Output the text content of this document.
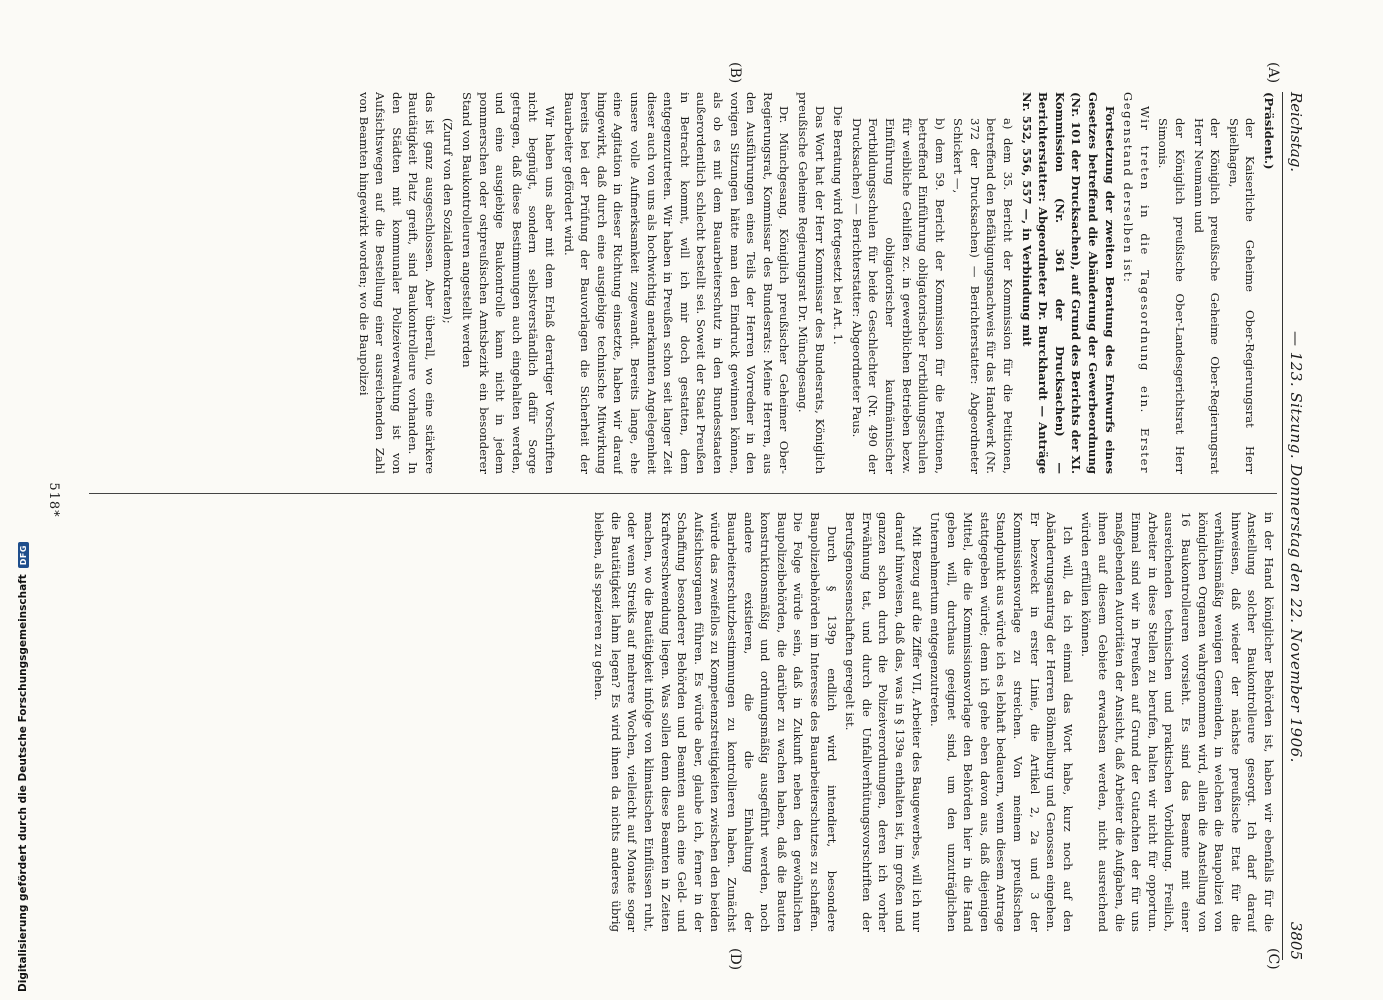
Reichstag.
— 123. Sitzung. Donnerstag den 22. November 1906.
3805
(A)
(B)
(C)
(D)

(Präsident.)

der Kaiserliche Geheime Ober-Regierungsrat Herr Spielhagen,

der Königlich preußische Geheime Ober-Regierungsrat Herr Neumann und

der Königlich preußische Ober-Landesgerichtsrat Herr Simonis.

Wir treten in die Tagesordnung ein. Erster Gegenstand derselben ist:

Fortsetzung der zweiten Beratung des Entwurfs eines Gesetzes betreffend die Abänderung der Gewerbeordnung (Nr. 101 der Drucksachen), auf Grund des Berichts der XI. Kommission (Nr. 361 der Drucksachen) — Berichterstatter: Abgeordneter Dr. Burckhardt — Anträge Nr. 552, 556, 557 —, in Verbindung mit

a) dem 35. Bericht der Kommission für die Petitionen, betreffend den Befähigungsnachweis für das Handwerk (Nr. 372 der Drucksachen) — Berichterstatter: Abgeordneter Schickert —,

b) dem 59. Bericht der Kommission für die Petitionen, betreffend Einführung obligatorischer Fortbildungsschulen für weibliche Gehilfen zc. in gewerblichen Betrieben bezw. Einführung obligatorischer kaufmännischer Fortbildungsschulen für beide Geschlechter (Nr. 490 der Drucksachen) — Berichterstatter: Abgeordneter Paus.

Die Beratung wird fortgesetzt bei Art. 1.

Das Wort hat der Herr Kommissar des Bundesrats, Königlich preußische Geheime Regierungsrat Dr. Münchgesang.

Dr. Münchgesang, Königlich preußischer Geheimer Ober-Regierungsrat, Kommissar des Bundesrats: Meine Herren, aus den Ausführungen eines Teils der Herren Vorredner in den vorigen Sitzungen hätte man den Eindruck gewinnen können, als ob es mit dem Bauarbeiterschutz in den Bundesstaaten außerordentlich schlecht bestellt sei. Soweit der Staat Preußen in Betracht kommt, will ich mir doch gestatten, dem entgegenzutreten. Wir haben in Preußen schon seit langer Zeit dieser auch von uns als hochwichtig anerkannten Angelegenheit unsere volle Aufmerksamkeit zugewandt. Bereits lange, ehe eine Agitation in dieser Richtung einsetzte, haben wir darauf hingewirkt, daß durch eine ausgiebige technische Mitwirkung bereits bei der Prüfung der Bauvorlagen die Sicherheit der Bauarbeiter gefördert wird.

Wir haben uns aber mit dem Erlaß derartiger Vorschriften nicht begnügt, sondern selbstverständlich dafür Sorge getragen, daß diese Bestimmungen auch eingehalten werden, und eine ausgiebige Baukontrolle kann nicht in jedem pommerschen oder ostpreußischen Amtsbezirk ein besonderer Stand von Baukontrolleuren angestellt werden

(Zuruf von den Sozialdemokraten);

das ist ganz ausgeschlossen. Aber überall, wo eine stärkere Bautätigkeit Platz greift, sind Baukontrolleure vorhanden. In den Städten mit kommunaler Polizeiverwaltung ist von Aufsichtswegen auf die Bestellung einer ausreichenden Zahl von Beamten hingewirkt worden; wo die Baupolizei

in der Hand königlicher Behörden ist, haben wir ebenfalls für die Anstellung solcher Baukontrolleure gesorgt. Ich darf darauf hinweisen, daß wieder der nächste preußische Etat für die verhältnismäßig wenigen Gemeinden, in welchen die Baupolizei von königlichen Organen wahrgenommen wird, allein die Anstellung von 16 Baukontrolleuren vorsieht. Es sind das Beamte mit einer ausreichenden technischen und praktischen Vorbildung. Freilich, Arbeiter in diese Stellen zu berufen, halten wir nicht für opportun. Einmal sind wir in Preußen auf Grund der Gutachten der für uns maßgebenden Autoritäten der Ansicht, daß Arbeiter die Aufgaben, die ihnen auf diesem Gebiete erwachsen werden, nicht ausreichend würden erfüllen können.

Ich will, da ich einmal das Wort habe, kurz noch auf den Abänderungsantrag der Herren Böhmelburg und Genossen eingehen. Er bezweckt in erster Linie, die Artikel 2, 2a und 3 der Kommissionsvorlage zu streichen. Von meinem preußischen Standpunkt aus würde ich es lebhaft bedauern, wenn diesem Antrage stattgegeben würde; denn ich gehe eben davon aus, daß diejenigen Mittel, die die Kommissionsvorlage den Behörden hier in die Hand geben will, durchaus geeignet sind, um den unzuträglichen Unternehmertum entgegenzutreten.

Mit Bezug auf die Ziffer VII, Arbeiter des Baugewerbes, will ich nur darauf hinweisen, daß das, was in § 139a enthalten ist, im großen und ganzen schon durch die Polizeiverordnungen, deren ich vorher Erwähnung tat, und durch die Unfallverhütungsvorschriften der Berufsgenossenschaften geregelt ist.

Durch § 139p endlich wird intendiert, besondere Baupolizeibehörden im Interesse des Bauarbeiterschutzes zu schaffen. Die Folge würde sein, daß in Zukunft neben den gewöhnlichen Baupolizeibehörden, die darüber zu wachen haben, daß die Bauten konstruktionsmäßig und ordnungsmäßig ausgeführt werden, noch andere existieren, die die Einhaltung der Bauarbeiterschutzbestimmungen zu kontrollieren haben. Zunächst würde das zweifellos zu Kompetenzstreitigkeiten zwischen den beiden Aufsichtsorganen führen. Es würde aber, glaube ich, ferner in der Schaffung besonderer Behörden und Beamten auch eine Geld- und Kraftverschwendung liegen. Was sollen denn diese Beamten in Zeiten machen, wo die Bautätigkeit infolge von klimatischen Einflüssen ruht, oder wenn Streiks auf mehrere Wochen, vielleicht auf Monate sogar die Bautätigkeit lahm legen? Es wird ihnen da nichts anderes übrig bleiben, als spazieren zu gehen.

518*
Digitalisierung gefördert durch die Deutsche Forschungsgemeinschaft
DFG
